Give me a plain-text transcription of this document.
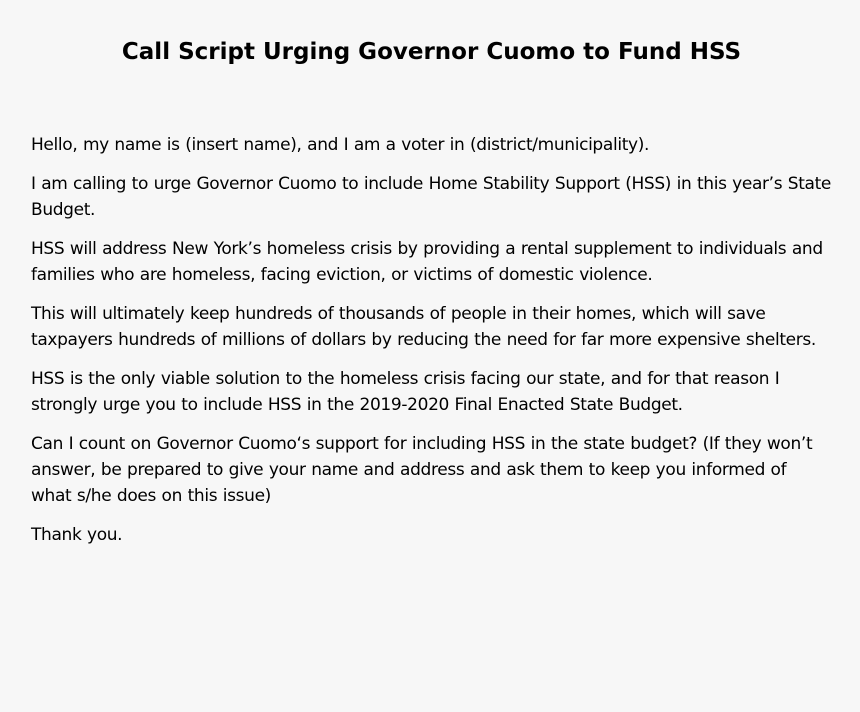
Call Script Urging Governor Cuomo to Fund HSS

Hello, my name is (insert name), and I am a voter in (district/municipality).

I am calling to urge Governor Cuomo to include Home Stability Support (HSS) in this year’s State Budget.

HSS will address New York’s homeless crisis by providing a rental supplement to individuals and families who are homeless, facing eviction, or victims of domestic violence.

This will ultimately keep hundreds of thousands of people in their homes, which will save taxpayers hundreds of millions of dollars by reducing the need for far more expensive shelters.

HSS is the only viable solution to the homeless crisis facing our state, and for that reason I strongly urge you to include HSS in the 2019-2020 Final Enacted State Budget.

Can I count on Governor Cuomo‘s support for including HSS in the state budget? (If they won’t answer, be prepared to give your name and address and ask them to keep you informed of what s/he does on this issue)

Thank you.
